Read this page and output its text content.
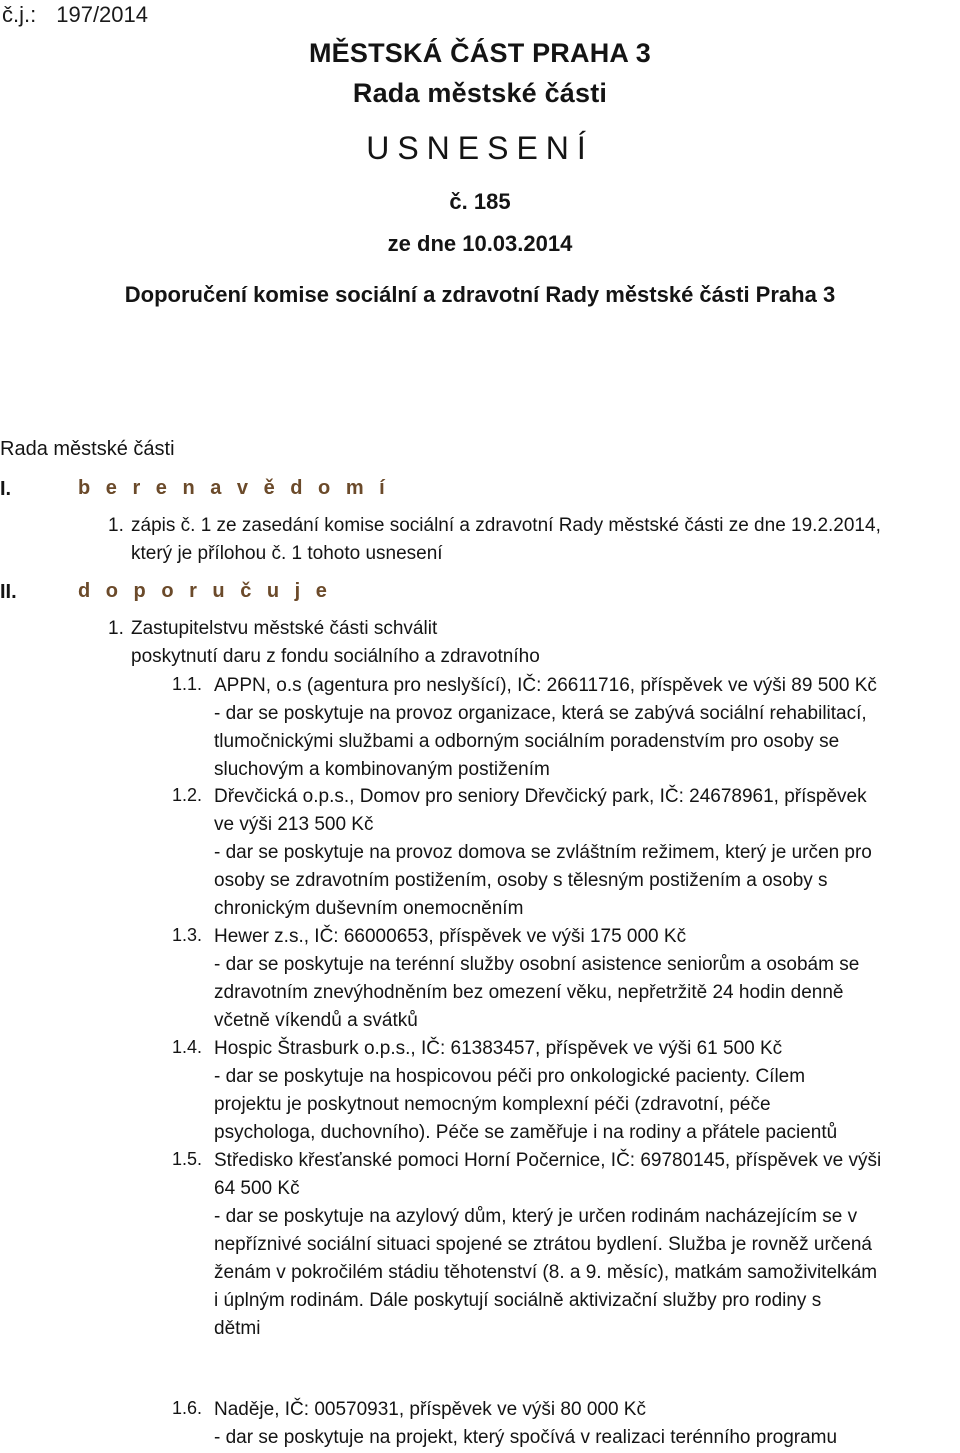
č.j.: 197/2014
MĚSTSKÁ ČÁST PRAHA 3
Rada městské části
USNESENÍ
č. 185
ze dne 10.03.2014
Doporučení komise sociální a zdravotní Rady městské části Praha 3
Rada městské části
I.	b e r e n a v ě d o m í
1. zápis č. 1 ze zasedání komise sociální a zdravotní Rady městské části ze dne 19.2.2014,
který je přílohou č. 1 tohoto usnesení
II.	d o p o r u č u j e
1. Zastupitelstvu městské části schválit
poskytnutí daru z fondu sociálního a zdravotního
1.1. APPN, o.s (agentura pro neslyšící), IČ: 26611716, příspěvek ve výši 89 500 Kč
- dar se poskytuje na provoz organizace, která se zabývá sociální rehabilitací,
tlumočnickými službami a odborným sociálním poradenstvím pro osoby se
sluchovým a kombinovaným postižením
1.2. Dřevčická o.p.s., Domov pro seniory Dřevčický park, IČ: 24678961, příspěvek
ve výši 213 500 Kč
- dar se poskytuje na provoz domova se zvláštním režimem, který je určen pro
osoby se zdravotním postižením, osoby s tělesným postižením a osoby s
chronickým duševním onemocněním
1.3. Hewer z.s., IČ: 66000653, příspěvek ve výši 175 000 Kč
- dar se poskytuje na terénní služby osobní asistence seniorům a osobám se
zdravotním znevýhodněním bez omezení věku, nepřetržitě 24 hodin denně
včetně víkendů a svátků
1.4. Hospic Štrasburk o.p.s., IČ: 61383457, příspěvek ve výši 61 500 Kč
- dar se poskytuje na hospicovou péči pro onkologické pacienty. Cílem
projektu je poskytnout nemocným komplexní péči (zdravotní, péče
psychologa, duchovního). Péče se zaměřuje i na rodiny a přátele pacientů
1.5. Středisko křesťanské pomoci Horní Počernice, IČ: 69780145, příspěvek ve výši
64 500 Kč
- dar se poskytuje na azylový dům, který je určen rodinám nacházejícím se v
nepříznivé sociální situaci spojené se ztrátou bydlení. Služba je rovněž určená
ženám v pokročilém stádiu těhotenství (8. a 9. měsíc), matkám samoživitelkám
i úplným rodinám. Dále poskytují sociálně aktivizační služby pro rodiny s
dětmi
1.6. Naděje, IČ: 00570931, příspěvek ve výši 80 000 Kč
- dar se poskytuje na projekt, který spočívá v realizaci terénního programu
